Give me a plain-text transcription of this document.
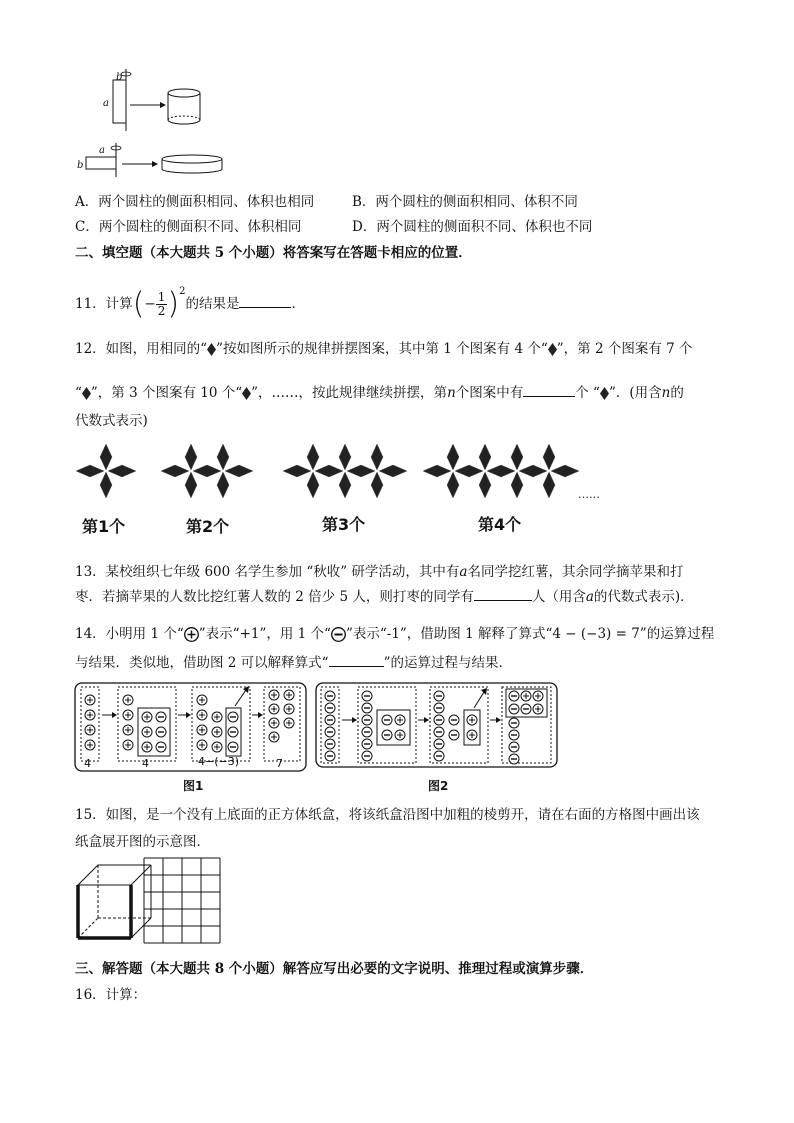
b
a
a
b
A．两个圆柱的侧面积相同、体积也相同	B．两个圆柱的侧面积相同、体积不同
C．两个圆柱的侧面积不同、体积相同	D．两个圆柱的侧面积不同、体积也不同
二、填空题（本大题共 5 个小题）将答案写在答题卡相应的位置．
11．计算(− $\frac{1}{2} )^2$的结果是	．
12．如图，用相同的“ ”按如图所示的规律拼摆图案，其中第 1 个图案有 4 个“ ”，第 2 个图案有 7 个
“ ”，第 3 个图案有 10 个“ ”，……，按此规律继续拼摆，第n个图案中有	个 “ ”．(用含n的
代数式表示)
……
第1个	第2个	第3个	第4个
13．某校组织七年级 600 名学生参加 “秋收” 研学活动，其中有a名同学挖红薯，其余同学摘苹果和打
枣．若摘苹果的人数比挖红薯人数的 2 倍少 5 人，则打枣的同学有	人（用含a的代数式表示)．
14．小明用 1 个“ ”表示“+1”，用 1 个“ ”表示“-1”，借助图 1 解释了算式“4 − (−3) = 7”的运算过程
与结果．类似地，借助图 2 可以解释算式“	”的运算过程与结果．
4	4	4−(−3)	7
图1	图2
15．如图，是一个没有上底面的正方体纸盒，将该纸盒沿图中加粗的棱剪开，请在右面的方格图中画出该
纸盒展开图的示意图．
三、解答题（本大题共 8 个小题）解答应写出必要的文字说明、推理过程或演算步骤．
16．计算：
